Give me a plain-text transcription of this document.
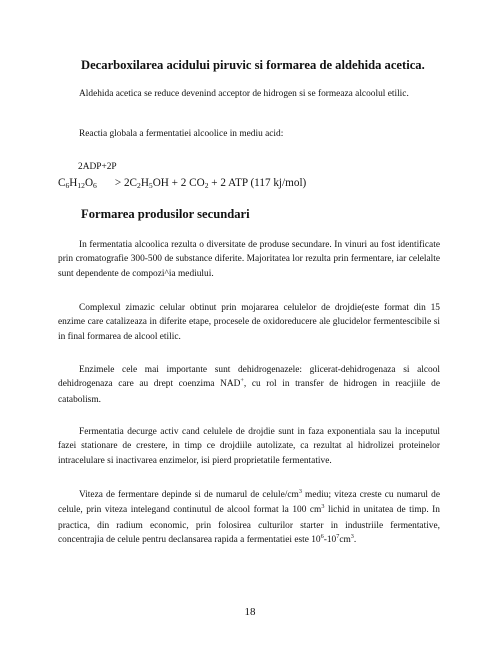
Decarboxilarea acidului piruvic si formarea de aldehida acetica.

Aldehida acetica se reduce devenind acceptor de hidrogen si se formeaza alcoolul etilic.

Reactia globala a fermentatiei alcoolice in mediu acid:

2ADP+2P

C6H12O6 > 2C2H5OH + 2 CO2 + 2 ATP (117 kj/mol)

Formarea produsilor secundari

In fermentatia alcoolica rezulta o diversitate de produse secundare. In vinuri au fost identificate prin cromatografie 300-500 de substance diferite. Majoritatea lor rezulta prin fermentare, iar celelalte sunt dependente de compozi^ia mediului.

Complexul zimazic celular obtinut prin mojararea celulelor de drojdie(este format din 15 enzime care catalizeaza in diferite etape, procesele de oxidoreducere ale glucidelor fermentescibile si in final formarea de alcool etilic.

Enzimele cele mai importante sunt dehidrogenazele: glicerat-dehidrogenaza si alcool dehidrogenaza care au drept coenzima NAD+, cu rol in transfer de hidrogen in reacjiile de catabolism.

Fermentatia decurge activ cand celulele de drojdie sunt in faza exponentiala sau la inceputul fazei stationare de crestere, in timp ce drojdiile autolizate, ca rezultat al hidrolizei proteinelor intracelulare si inactivarea enzimelor, isi pierd proprietatile fermentative.

Viteza de fermentare depinde si de numarul de celule/$cm^3$ mediu; viteza creste cu numarul de celule, prin viteza intelegand continutul de alcool format la 100 $cm^3$ lichid in unitatea de timp. In practica, din radium economic, prin folosirea culturilor starter in industriile fermentative, concentrajia de celule pentru declansarea rapida a fermentatiei este $10^6-10^7cm^3$.

18
